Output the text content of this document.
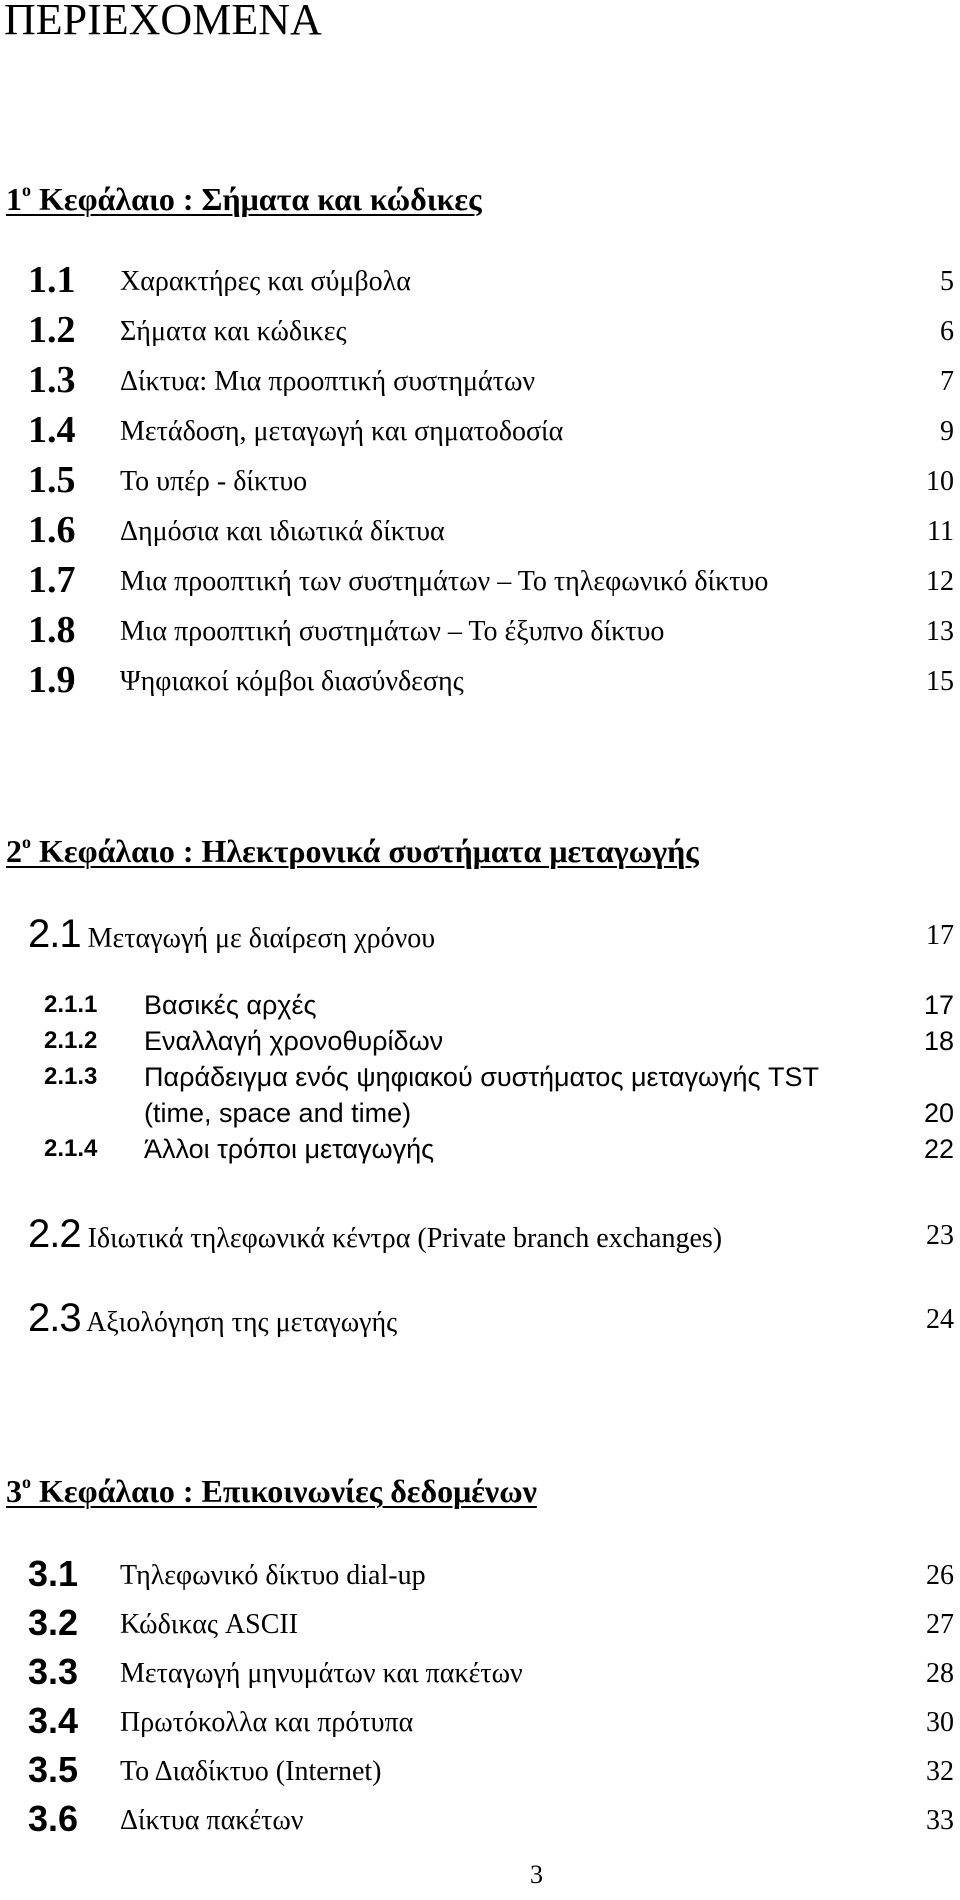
ΠΕΡΙΕΧΟΜΕΝΑ
$1^o$ Κεφάλαιο : Σήματα και κώδικες
1.1 Χαρακτήρες και σύμβολα	5
1.2 Σήματα και κώδικες	6
1.3 Δίκτυα: Μια προοπτική συστημάτων	7
1.4 Μετάδοση, μεταγωγή και σηματοδοσία	9
1.5 Το υπέρ - δίκτυο	10
1.6 Δημόσια και ιδιωτικά δίκτυα	11
1.7 Μια προοπτική των συστημάτων – Το τηλεφωνικό δίκτυο	12
1.8 Μια προοπτική συστημάτων – Το έξυπνο δίκτυο	13
1.9 Ψηφιακοί κόμβοι διασύνδεσης	15
$2^o$ Κεφάλαιο : Ηλεκτρονικά συστήματα μεταγωγής
2.1 Μεταγωγή με διαίρεση χρόνου	17
2.1.1 Βασικές αρχές	17
2.1.2 Εναλλαγή χρονοθυρίδων	18
2.1.3 Παράδειγμα ενός ψηφιακού συστήματος μεταγωγής TST
(time, space and time)	20
2.1.4 Άλλοι τρόποι μεταγωγής	22
2.2 Ιδιωτικά τηλεφωνικά κέντρα (Private branch exchanges)	23
2.3 Αξιολόγηση της μεταγωγής	24
$3^o$ Κεφάλαιο : Επικοινωνίες δεδομένων
3.1 Τηλεφωνικό δίκτυο dial-up	26
3.2 Κώδικας ASCII	27
3.3 Μεταγωγή μηνυμάτων και πακέτων	28
3.4 Πρωτόκολλα και πρότυπα	30
3.5 Το Διαδίκτυο (Internet)	32
3.6 Δίκτυα πακέτων	33
3
